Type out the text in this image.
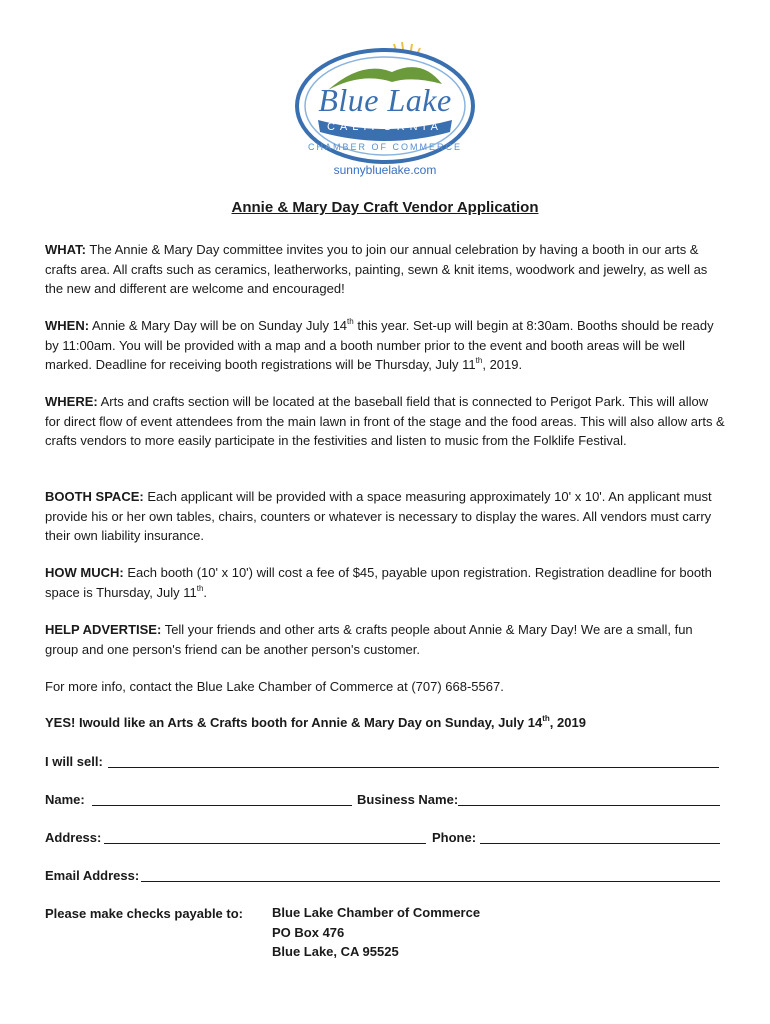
Blue Lake
CALIFORNIA
CHAMBER OF COMMERCE
sunnybluelake.com
Annie & Mary Day Craft Vendor Application
WHAT: The Annie & Mary Day committee invites you to join our annual celebration by having a booth in our arts & crafts area. All crafts such as ceramics, leatherworks, painting, sewn & knit items, woodwork and jewelry, as well as the new and different are welcome and encouraged!
WHEN: Annie & Mary Day will be on Sunday July 14th this year. Set-up will begin at 8:30am. Booths should be ready by 11:00am. You will be provided with a map and a booth number prior to the event and booth areas will be well marked. Deadline for receiving booth registrations will be Thursday, July 11th, 2019.
WHERE: Arts and crafts section will be located at the baseball field that is connected to Perigot Park. This will allow for direct flow of event attendees from the main lawn in front of the stage and the food areas. This will also allow arts & crafts vendors to more easily participate in the festivities and listen to music from the Folklife Festival.
BOOTH SPACE: Each applicant will be provided with a space measuring approximately 10' x 10'. An applicant must provide his or her own tables, chairs, counters or whatever is necessary to display the wares. All vendors must carry their own liability insurance.
HOW MUCH: Each booth (10' x 10') will cost a fee of $45, payable upon registration. Registration deadline for booth space is Thursday, July 11th.
HELP ADVERTISE: Tell your friends and other arts & crafts people about Annie & Mary Day! We are a small, fun group and one person's friend can be another person's customer.
For more info, contact the Blue Lake Chamber of Commerce at (707) 668-5567.
YES! Iwould like an Arts & Crafts booth for Annie & Mary Day on Sunday, July 14th, 2019
I will sell:
Name:	Business Name:
Address:	Phone:
Email Address:
Please make checks payable to: Blue Lake Chamber of Commerce
PO Box 476
Blue Lake, CA 95525
